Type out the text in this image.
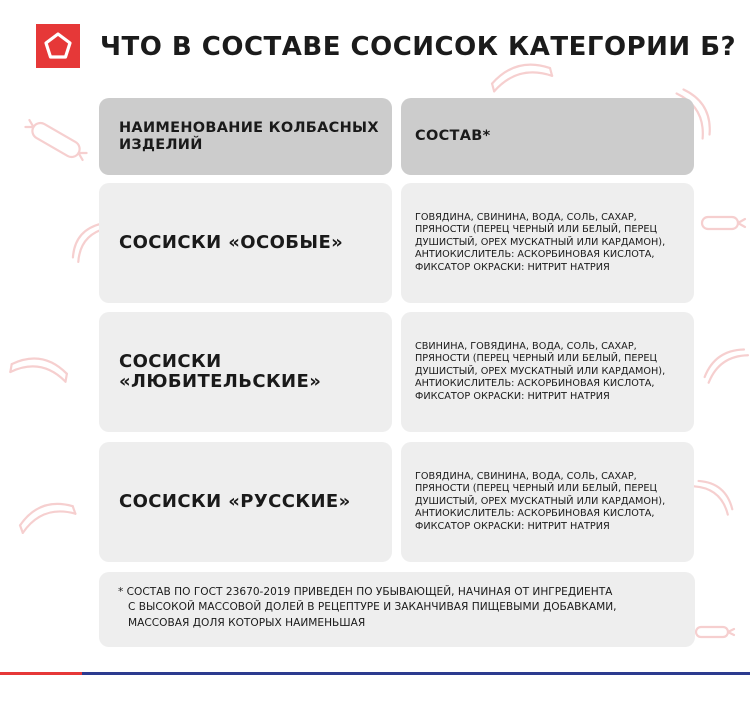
ЧТО В СОСТАВЕ СОСИСОК КАТЕГОРИИ Б?
НАИМЕНОВАНИЕ КОЛБАСНЫХ ИЗДЕЛИЙ
СОСТАВ*
СОСИСКИ «ОСОБЫЕ»
ГОВЯДИНА, СВИНИНА, ВОДА, СОЛЬ, САХАР, ПРЯНОСТИ (ПЕРЕЦ ЧЕРНЫЙ ИЛИ БЕЛЫЙ, ПЕРЕЦ ДУШИСТЫЙ, ОРЕХ МУСКАТНЫЙ ИЛИ КАРДАМОН), АНТИОКИСЛИТЕЛЬ: АСКОРБИНОВАЯ КИСЛОТА, ФИКСАТОР ОКРАСКИ: НИТРИТ НАТРИЯ
СОСИСКИ «ЛЮБИТЕЛЬСКИЕ»
СВИНИНА, ГОВЯДИНА, ВОДА, СОЛЬ, САХАР, ПРЯНОСТИ (ПЕРЕЦ ЧЕРНЫЙ ИЛИ БЕЛЫЙ, ПЕРЕЦ ДУШИСТЫЙ, ОРЕХ МУСКАТНЫЙ ИЛИ КАРДАМОН), АНТИОКИСЛИТЕЛЬ: АСКОРБИНОВАЯ КИСЛОТА, ФИКСАТОР ОКРАСКИ: НИТРИТ НАТРИЯ
СОСИСКИ «РУССКИЕ»
ГОВЯДИНА, СВИНИНА, ВОДА, СОЛЬ, САХАР, ПРЯНОСТИ (ПЕРЕЦ ЧЕРНЫЙ ИЛИ БЕЛЫЙ, ПЕРЕЦ ДУШИСТЫЙ, ОРЕХ МУСКАТНЫЙ ИЛИ КАРДАМОН), АНТИОКИСЛИТЕЛЬ: АСКОРБИНОВАЯ КИСЛОТА, ФИКСАТОР ОКРАСКИ: НИТРИТ НАТРИЯ
* СОСТАВ ПО ГОСТ 23670-2019 ПРИВЕДЕН ПО УБЫВАЮЩЕЙ, НАЧИНАЯ ОТ ИНГРЕДИЕНТА
С ВЫСОКОЙ МАССОВОЙ ДОЛЕЙ В РЕЦЕПТУРЕ И ЗАКАНЧИВАЯ ПИЩЕВЫМИ ДОБАВКАМИ,
МАССОВАЯ ДОЛЯ КОТОРЫХ НАИМЕНЬШАЯ
